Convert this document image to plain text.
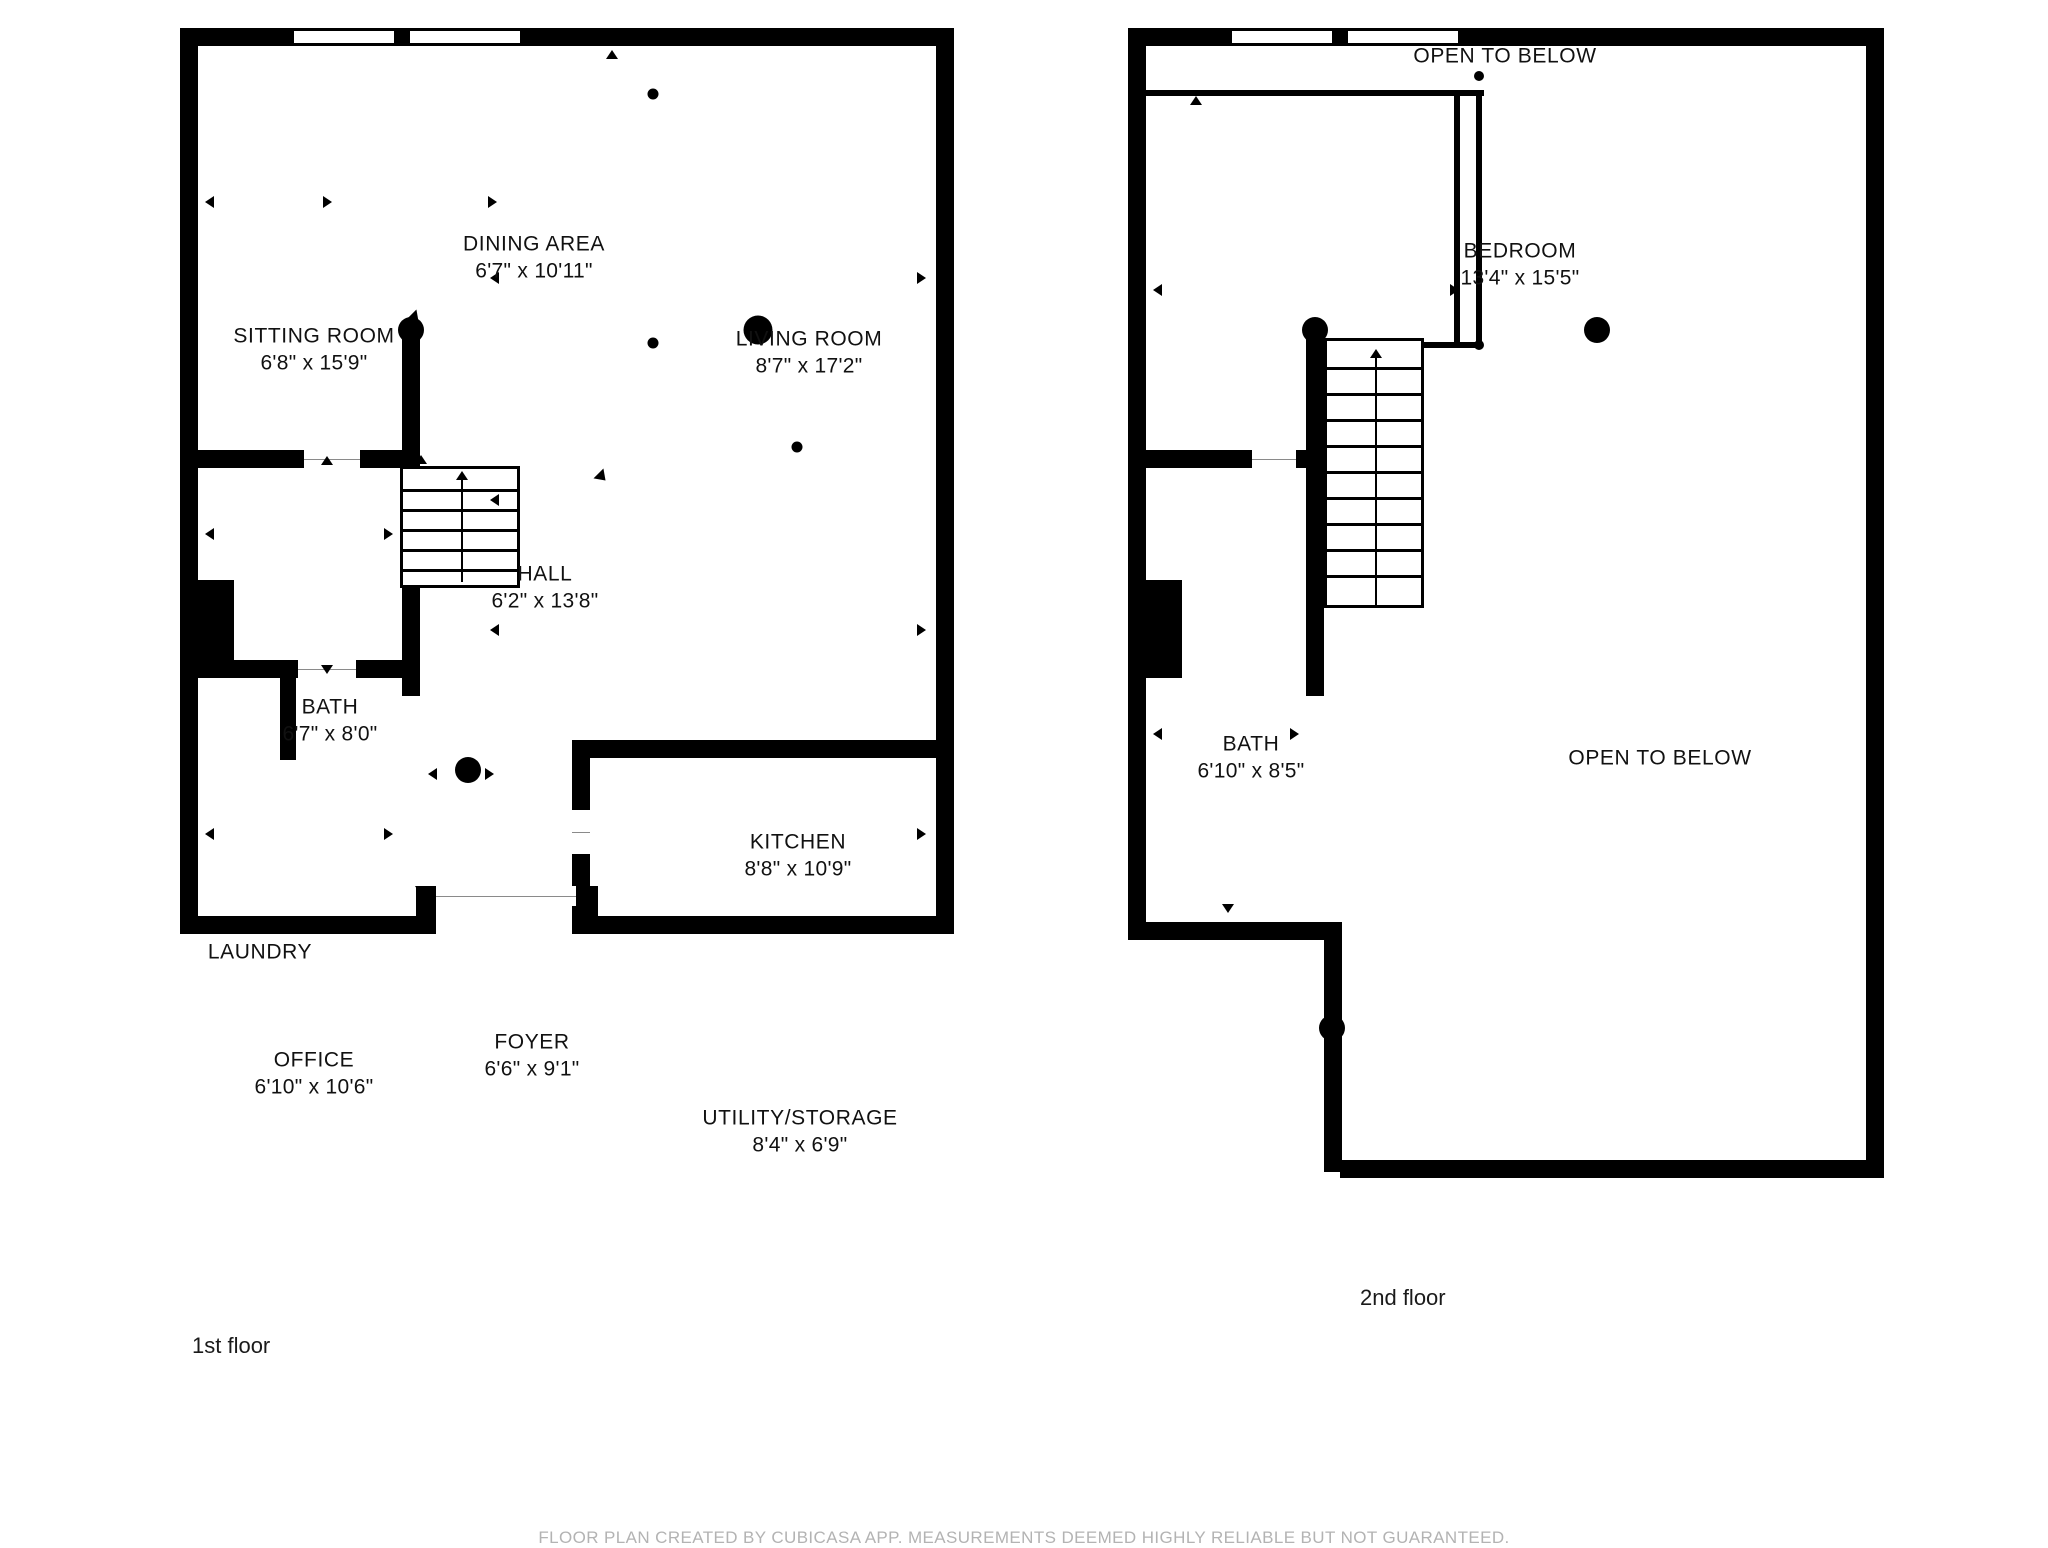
DINING AREA
6'7" x 10'11"
SITTING ROOM
6'8" x 15'9"
LIVING ROOM
8'7" x 17'2"
HALL
6'2" x 13'8"
BATH
6'7" x 8'0"
KITCHEN
8'8" x 10'9"
LAUNDRY
OFFICE
6'10" x 10'6"
FOYER
6'6" x 9'1"
UTILITY/STORAGE
8'4" x 6'9"
1st floor
OPEN TO BELOW
BEDROOM
13'4" x 15'5"
BATH
6'10" x 8'5"
OPEN TO BELOW
2nd floor
FLOOR PLAN CREATED BY CUBICASA APP. MEASUREMENTS DEEMED HIGHLY RELIABLE BUT NOT GUARANTEED.
